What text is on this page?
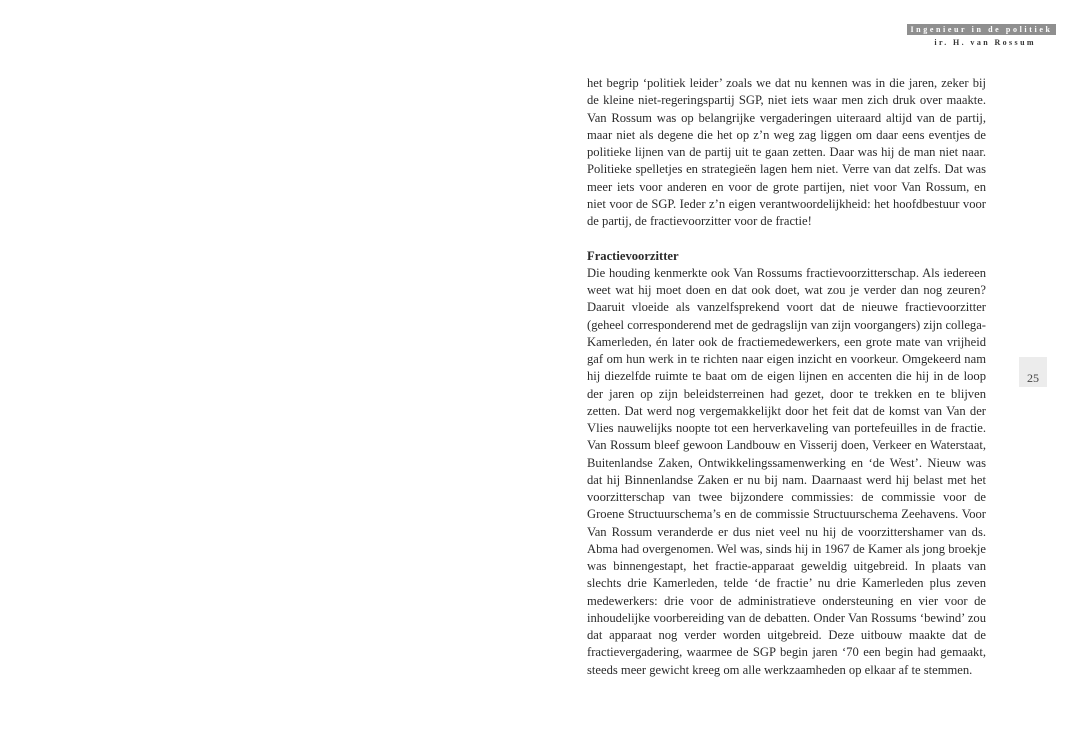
Ingenieur in de politiek
ir. H. van Rossum
25

het begrip ‘politiek leider’ zoals we dat nu kennen was in die jaren, zeker bij de kleine niet-regeringspartij SGP, niet iets waar men zich druk over maakte. Van Rossum was op belangrijke vergaderingen uiteraard altijd van de partij, maar niet als degene die het op z’n weg zag liggen om daar eens eventjes de politieke lijnen van de partij uit te gaan zetten. Daar was hij de man niet naar. Politieke spelletjes en strategieën lagen hem niet. Verre van dat zelfs. Dat was meer iets voor anderen en voor de grote partijen, niet voor Van Rossum, en niet voor de SGP. Ieder z’n eigen verantwoordelijkheid: het hoofdbestuur voor de partij, de fractievoorzitter voor de fractie!

Fractievoorzitter

Die houding kenmerkte ook Van Rossums fractievoorzitterschap. Als iedereen weet wat hij moet doen en dat ook doet, wat zou je verder dan nog zeuren? Daaruit vloeide als vanzelfsprekend voort dat de nieuwe fractievoorzitter (geheel corresponderend met de gedragslijn van zijn voorgangers) zijn collega-Kamerleden, én later ook de fractiemedewerkers, een grote mate van vrijheid gaf om hun werk in te richten naar eigen inzicht en voorkeur. Omgekeerd nam hij diezelfde ruimte te baat om de eigen lijnen en accenten die hij in de loop der jaren op zijn beleidsterreinen had gezet, door te trekken en te blijven zetten. Dat werd nog vergemakkelijkt door het feit dat de komst van Van der Vlies nauwelijks noopte tot een herverkaveling van portefeuilles in de fractie. Van Rossum bleef gewoon Landbouw en Visserij doen, Verkeer en Waterstaat, Buitenlandse Zaken, Ontwikkelingssamenwerking en ‘de West’. Nieuw was dat hij Binnenlandse Zaken er nu bij nam. Daarnaast werd hij belast met het voorzitterschap van twee bijzondere commissies: de commissie voor de Groene Structuurschema’s en de commissie Structuurschema Zeehavens. Voor Van Rossum veranderde er dus niet veel nu hij de voorzittershamer van ds. Abma had overgenomen. Wel was, sinds hij in 1967 de Kamer als jong broekje was binnengestapt, het fractie-apparaat geweldig uitgebreid. In plaats van slechts drie Kamerleden, telde ‘de fractie’ nu drie Kamerleden plus zeven medewerkers: drie voor de administratieve ondersteuning en vier voor de inhoudelijke voorbereiding van de debatten. Onder Van Rossums ‘bewind’ zou dat apparaat nog verder worden uitgebreid. Deze uitbouw maakte dat de fractievergadering, waarmee de SGP begin jaren ‘70 een begin had gemaakt, steeds meer gewicht kreeg om alle werkzaamheden op elkaar af te stemmen.
